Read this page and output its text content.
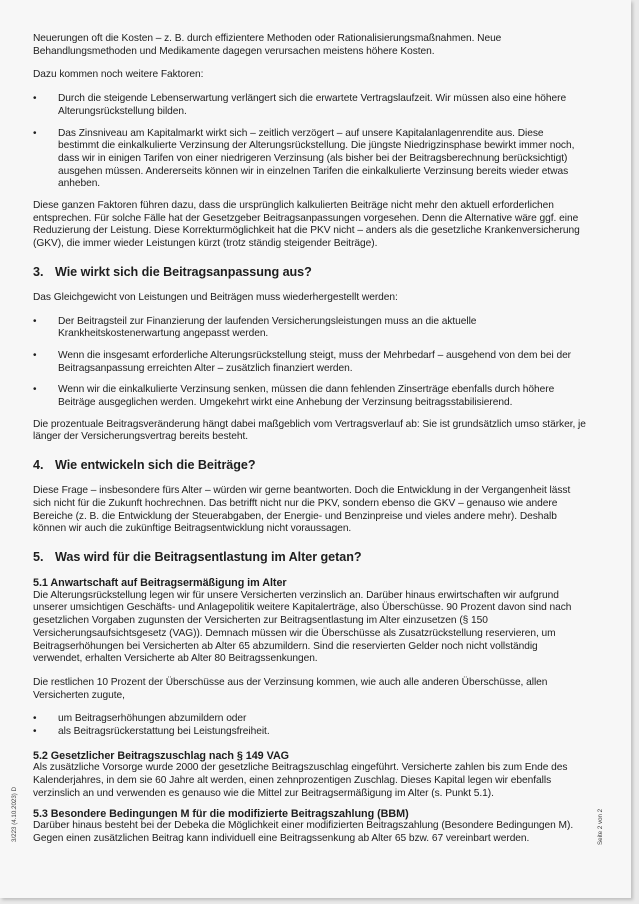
Neuerungen oft die Kosten – z. B. durch effizientere Methoden oder Rationalisierungsmaßnahmen. Neue Behandlungsmethoden und Medikamente dagegen verursachen meistens höhere Kosten.

Dazu kommen noch weitere Faktoren:

• Durch die steigende Lebenserwartung verlängert sich die erwartete Vertragslaufzeit. Wir müssen also eine höhere Alterungsrückstellung bilden.
• Das Zinsniveau am Kapitalmarkt wirkt sich – zeitlich verzögert – auf unsere Kapitalanlagenrendite aus. Diese bestimmt die einkalkulierte Verzinsung der Alterungsrückstellung. Die jüngste Niedrigzinsphase bewirkt immer noch, dass wir in einigen Tarifen von einer niedrigeren Verzinsung (als bisher bei der Beitragsberechnung berücksichtigt) ausgehen müssen. Andererseits können wir in einzelnen Tarifen die einkalkulierte Verzinsung bereits wieder etwas anheben.

Diese ganzen Faktoren führen dazu, dass die ursprünglich kalkulierten Beiträge nicht mehr den aktuell erforderlichen entsprechen. Für solche Fälle hat der Gesetzgeber Beitragsanpassungen vorgesehen. Denn die Alternative wäre ggf. eine Reduzierung der Leistung. Diese Korrekturmöglichkeit hat die PKV nicht – anders als die gesetzliche Krankenversicherung (GKV), die immer wieder Leistungen kürzt (trotz ständig steigender Beiträge).

3. Wie wirkt sich die Beitragsanpassung aus?

Das Gleichgewicht von Leistungen und Beiträgen muss wiederhergestellt werden:

• Der Beitragsteil zur Finanzierung der laufenden Versicherungsleistungen muss an die aktuelle Krankheitskostenerwartung angepasst werden.
• Wenn die insgesamt erforderliche Alterungsrückstellung steigt, muss der Mehrbedarf – ausgehend von dem bei der Beitragsanpassung erreichten Alter – zusätzlich finanziert werden.
• Wenn wir die einkalkulierte Verzinsung senken, müssen die dann fehlenden Zinserträge ebenfalls durch höhere Beiträge ausgeglichen werden. Umgekehrt wirkt eine Anhebung der Verzinsung beitragsstabilisierend.

Die prozentuale Beitragsveränderung hängt dabei maßgeblich vom Vertragsverlauf ab: Sie ist grundsätzlich umso stärker, je länger der Versicherungsvertrag bereits besteht.

4. Wie entwickeln sich die Beiträge?

Diese Frage – insbesondere fürs Alter – würden wir gerne beantworten. Doch die Entwicklung in der Vergangenheit lässt sich nicht für die Zukunft hochrechnen. Das betrifft nicht nur die PKV, sondern ebenso die GKV – genauso wie andere Bereiche (z. B. die Entwicklung der Steuerabgaben, der Energie- und Benzinpreise und vieles andere mehr). Deshalb können wir auch die zukünftige Beitragsentwicklung nicht voraussagen.

5. Was wird für die Beitragsentlastung im Alter getan?
5.1 Anwartschaft auf Beitragsermäßigung im Alter

Die Alterungsrückstellung legen wir für unsere Versicherten verzinslich an. Darüber hinaus erwirtschaften wir aufgrund unserer umsichtigen Geschäfts- und Anlagepolitik weitere Kapitalerträge, also Überschüsse. 90 Prozent davon sind nach gesetzlichen Vorgaben zugunsten der Versicherten zur Beitragsentlastung im Alter einzusetzen (§ 150 Versicherungsaufsichtsgesetz (VAG)). Demnach müssen wir die Überschüsse als Zusatzrückstellung reservieren, um Beitragserhöhungen bei Versicherten ab Alter 65 abzumildern. Sind die reservierten Gelder noch nicht vollständig verwendet, erhalten Versicherte ab Alter 80 Beitragssenkungen.

Die restlichen 10 Prozent der Überschüsse aus der Verzinsung kommen, wie auch alle anderen Überschüsse, allen Versicherten zugute,

• um Beitragserhöhungen abzumildern oder
• als Beitragsrückerstattung bei Leistungsfreiheit.
5.2 Gesetzlicher Beitragszuschlag nach § 149 VAG

Als zusätzliche Vorsorge wurde 2000 der gesetzliche Beitragszuschlag eingeführt. Versicherte zahlen bis zum Ende des Kalenderjahres, in dem sie 60 Jahre alt werden, einen zehnprozentigen Zuschlag. Dieses Kapital legen wir ebenfalls verzinslich an und verwenden es genauso wie die Mittel zur Beitragsermäßigung im Alter (s. Punkt 5.1).

5.3 Besondere Bedingungen M für die modifizierte Beitragszahlung (BBM)

Darüber hinaus besteht bei der Debeka die Möglichkeit einer modifizierten Beitragszahlung (Besondere Bedingungen M). Gegen einen zusätzlichen Beitrag kann individuell eine Beitragssenkung ab Alter 65 bzw. 67 vereinbart werden.

3/223 (4.10.2023) D	Seite 2 von 2
